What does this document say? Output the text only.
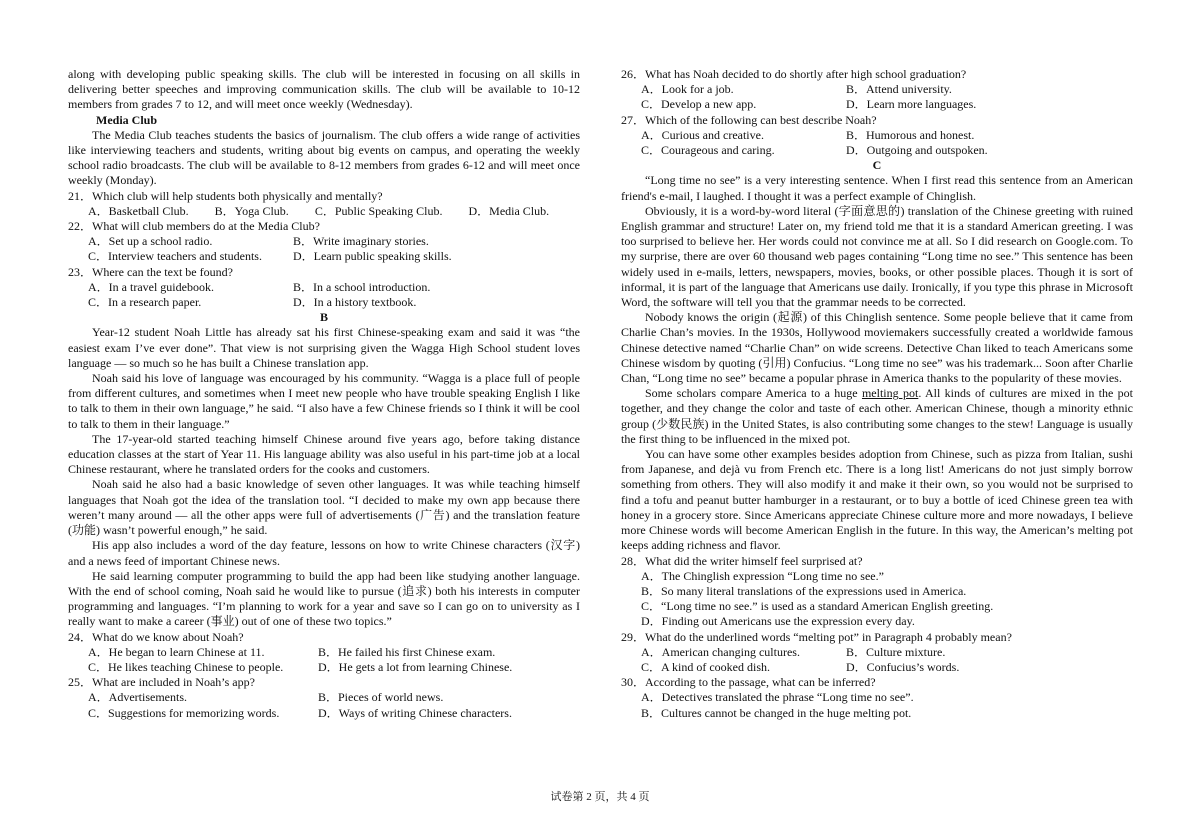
along with developing public speaking skills. The club will be interested in focusing on all skills in delivering better speeches and improving communication skills. The club will be available to 10-12 members from grades 7 to 12, and will meet once weekly (Wednesday).

Media Club

The Media Club teaches students the basics of journalism. The club offers a wide range of activities like interviewing teachers and students, writing about big events on campus, and operating the weekly school radio broadcasts. The club will be available to 8-12 members from grades 6-12 and will meet once weekly (Monday).

21．Which club will help students both physically and mentally?

A．Basketball Club. B．Yoga Club. C．Public Speaking Club. D．Media Club.

22．What will club members do at the Media Club?

A．Set up a school radio.	B．Write imaginary stories.
C．Interview teachers and students.	D．Learn public speaking skills.

23．Where can the text be found?

A．In a travel guidebook.	B．In a school introduction.
C．In a research paper.	D．In a history textbook.

B

Year-12 student Noah Little has already sat his first Chinese-speaking exam and said it was “the easiest exam I’ve ever done”. That view is not surprising given the Wagga High School student loves language — so much so he has built a Chinese translation app.

Noah said his love of language was encouraged by his community. “Wagga is a place full of people from different cultures, and sometimes when I meet new people who have trouble speaking English I like to talk to them in their own language,” he said. “I also have a few Chinese friends so I think it will be cool to talk to them in their language.”

The 17-year-old started teaching himself Chinese around five years ago, before taking distance education classes at the start of Year 11. His language ability was also useful in his part-time job at a local Chinese restaurant, where he translated orders for the cooks and customers.

Noah said he also had a basic knowledge of seven other languages. It was while teaching himself languages that Noah got the idea of the translation tool. “I decided to make my own app because there weren’t many around — all the other apps were full of advertisements (广告) and the translation feature (功能) wasn’t powerful enough,” he said.

His app also includes a word of the day feature, lessons on how to write Chinese characters (汉字) and a news feed of important Chinese news.

He said learning computer programming to build the app had been like studying another language. With the end of school coming, Noah said he would like to pursue (追求) both his interests in computer programming and languages. “I’m planning to work for a year and save so I can go on to university as I really want to make a career (事业) out of one of these two topics.”

24．What do we know about Noah?

A．He began to learn Chinese at 11.	B．He failed his first Chinese exam.
C．He likes teaching Chinese to people.	D．He gets a lot from learning Chinese.

25．What are included in Noah’s app?

A．Advertisements.	B．Pieces of world news.
C．Suggestions for memorizing words.	D．Ways of writing Chinese characters.

26．What has Noah decided to do shortly after high school graduation?

A．Look for a job.	B．Attend university.
C．Develop a new app.	D．Learn more languages.

27．Which of the following can best describe Noah?

A．Curious and creative.	B．Humorous and honest.
C．Courageous and caring.	D．Outgoing and outspoken.

C

“Long time no see” is a very interesting sentence. When I first read this sentence from an American friend's e-mail, I laughed. I thought it was a perfect example of Chinglish.

Obviously, it is a word-by-word literal (字面意思的) translation of the Chinese greeting with ruined English grammar and structure! Later on, my friend told me that it is a standard American greeting. I was too surprised to believe her. Her words could not convince me at all. So I did research on Google.com. To my surprise, there are over 60 thousand web pages containing “Long time no see.” This sentence has been widely used in e-mails, letters, newspapers, movies, books, or other possible places. Though it is sort of informal, it is part of the language that Americans use daily. Ironically, if you type this phrase in Microsoft Word, the software will tell you that the grammar needs to be corrected.

Nobody knows the origin (起源) of this Chinglish sentence. Some people believe that it came from Charlie Chan’s movies. In the 1930s, Hollywood moviemakers successfully created a worldwide famous Chinese detective named “Charlie Chan” on wide screens. Detective Chan liked to teach Americans some Chinese wisdom by quoting (引用) Confucius. “Long time no see” was his trademark... Soon after Charlie Chan, “Long time no see” became a popular phrase in America thanks to the popularity of these movies.

Some scholars compare America to a huge melting pot. All kinds of cultures are mixed in the pot together, and they change the color and taste of each other. American Chinese, though a minority ethnic group (少数民族) in the United States, is also contributing some changes to the stew! Language is usually the first thing to be influenced in the mixed pot.

You can have some other examples besides adoption from Chinese, such as pizza from Italian, sushi from Japanese, and dejà vu from French etc. There is a long list! Americans do not just simply borrow something from others. They will also modify it and make it their own, so you would not be surprised to find a tofu and peanut butter hamburger in a restaurant, or to buy a bottle of iced Chinese green tea with honey in a grocery store. Since Americans appreciate Chinese culture more and more nowadays, I believe more Chinese words will become American English in the future. In this way, the American’s melting pot keeps adding richness and flavor.

28．What did the writer himself feel surprised at?

A．The Chinglish expression “Long time no see.”
B．So many literal translations of the expressions used in America.
C．“Long time no see.” is used as a standard American English greeting.
D．Finding out Americans use the expression every day.

29．What do the underlined words “melting pot” in Paragraph 4 probably mean?

A．American changing cultures.	B．Culture mixture.
C．A kind of cooked dish.	D．Confucius’s words.

30．According to the passage, what can be inferred?

A．Detectives translated the phrase “Long time no see”.
B．Cultures cannot be changed in the huge melting pot.
试卷第 2 页，共 4 页
